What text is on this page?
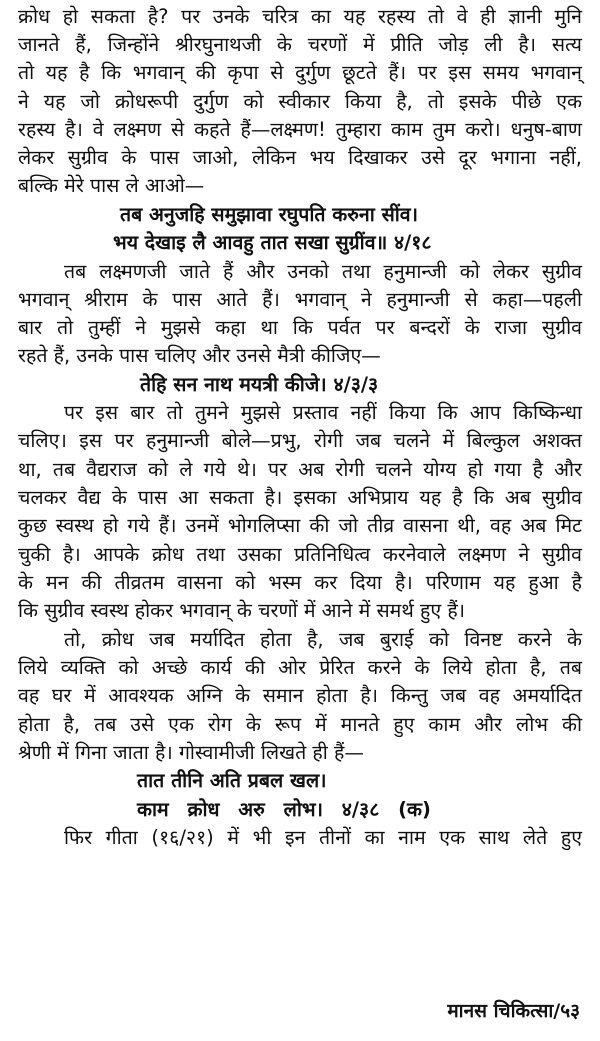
क्रोध हो सकता है? पर उनके चरित्र का यह रहस्य तो वे ही ज्ञानी मुनि
जानते हैं, जिन्होंने श्रीरघुनाथजी के चरणों में प्रीति जोड़ ली है। सत्य
तो यह है कि भगवान् की कृपा से दुर्गुण छूटते हैं। पर इस समय भगवान्
ने यह जो क्रोधरूपी दुर्गुण को स्वीकार किया है, तो इसके पीछे एक
रहस्य है। वे लक्ष्मण से कहते हैं—लक्ष्मण! तुम्हारा काम तुम करो। धनुष-बाण
लेकर सुग्रीव के पास जाओ, लेकिन भय दिखाकर उसे दूर भगाना नहीं,
बल्कि मेरे पास ले आओ—
तब अनुजहि समुझावा रघुपति करुना सींव।
भय देखाइ लै आवहु तात सखा सुग्रींव॥ ४/१८
तब लक्ष्मणजी जाते हैं और उनको तथा हनुमान्जी को लेकर सुग्रीव
भगवान् श्रीराम के पास आते हैं। भगवान् ने हनुमान्जी से कहा—पहली
बार तो तुम्हीं ने मुझसे कहा था कि पर्वत पर बन्दरों के राजा सुग्रीव
रहते हैं, उनके पास चलिए और उनसे मैत्री कीजिए—
तेहि सन नाथ मयत्री कीजे। ४/३/३
पर इस बार तो तुमने मुझसे प्रस्ताव नहीं किया कि आप किष्किन्धा
चलिए। इस पर हनुमान्जी बोले—प्रभु, रोगी जब चलने में बिल्कुल अशक्त
था, तब वैद्यराज को ले गये थे। पर अब रोगी चलने योग्य हो गया है और
चलकर वैद्य के पास आ सकता है। इसका अभिप्राय यह है कि अब सुग्रीव
कुछ स्वस्थ हो गये हैं। उनमें भोगलिप्सा की जो तीव्र वासना थी, वह अब मिट
चुकी है। आपके क्रोध तथा उसका प्रतिनिधित्व करनेवाले लक्ष्मण ने सुग्रीव
के मन की तीव्रतम वासना को भस्म कर दिया है। परिणाम यह हुआ है
कि सुग्रीव स्वस्थ होकर भगवान् के चरणों में आने में समर्थ हुए हैं।
तो, क्रोध जब मर्यादित होता है, जब बुराई को विनष्ट करने के
लिये व्यक्ति को अच्छे कार्य की ओर प्रेरित करने के लिये होता है, तब
वह घर में आवश्यक अग्नि के समान होता है। किन्तु जब वह अमर्यादित
होता है, तब उसे एक रोग के रूप में मानते हुए काम और लोभ की
श्रेणी में गिना जाता है। गोस्वामीजी लिखते ही हैं—
तात तीनि अति प्रबल खल।
काम क्रोध अरु लोभ। ४/३८ (क)
फिर गीता (१६/२१) में भी इन तीनों का नाम एक साथ लेते हुए
मानस चिकित्सा/५३
